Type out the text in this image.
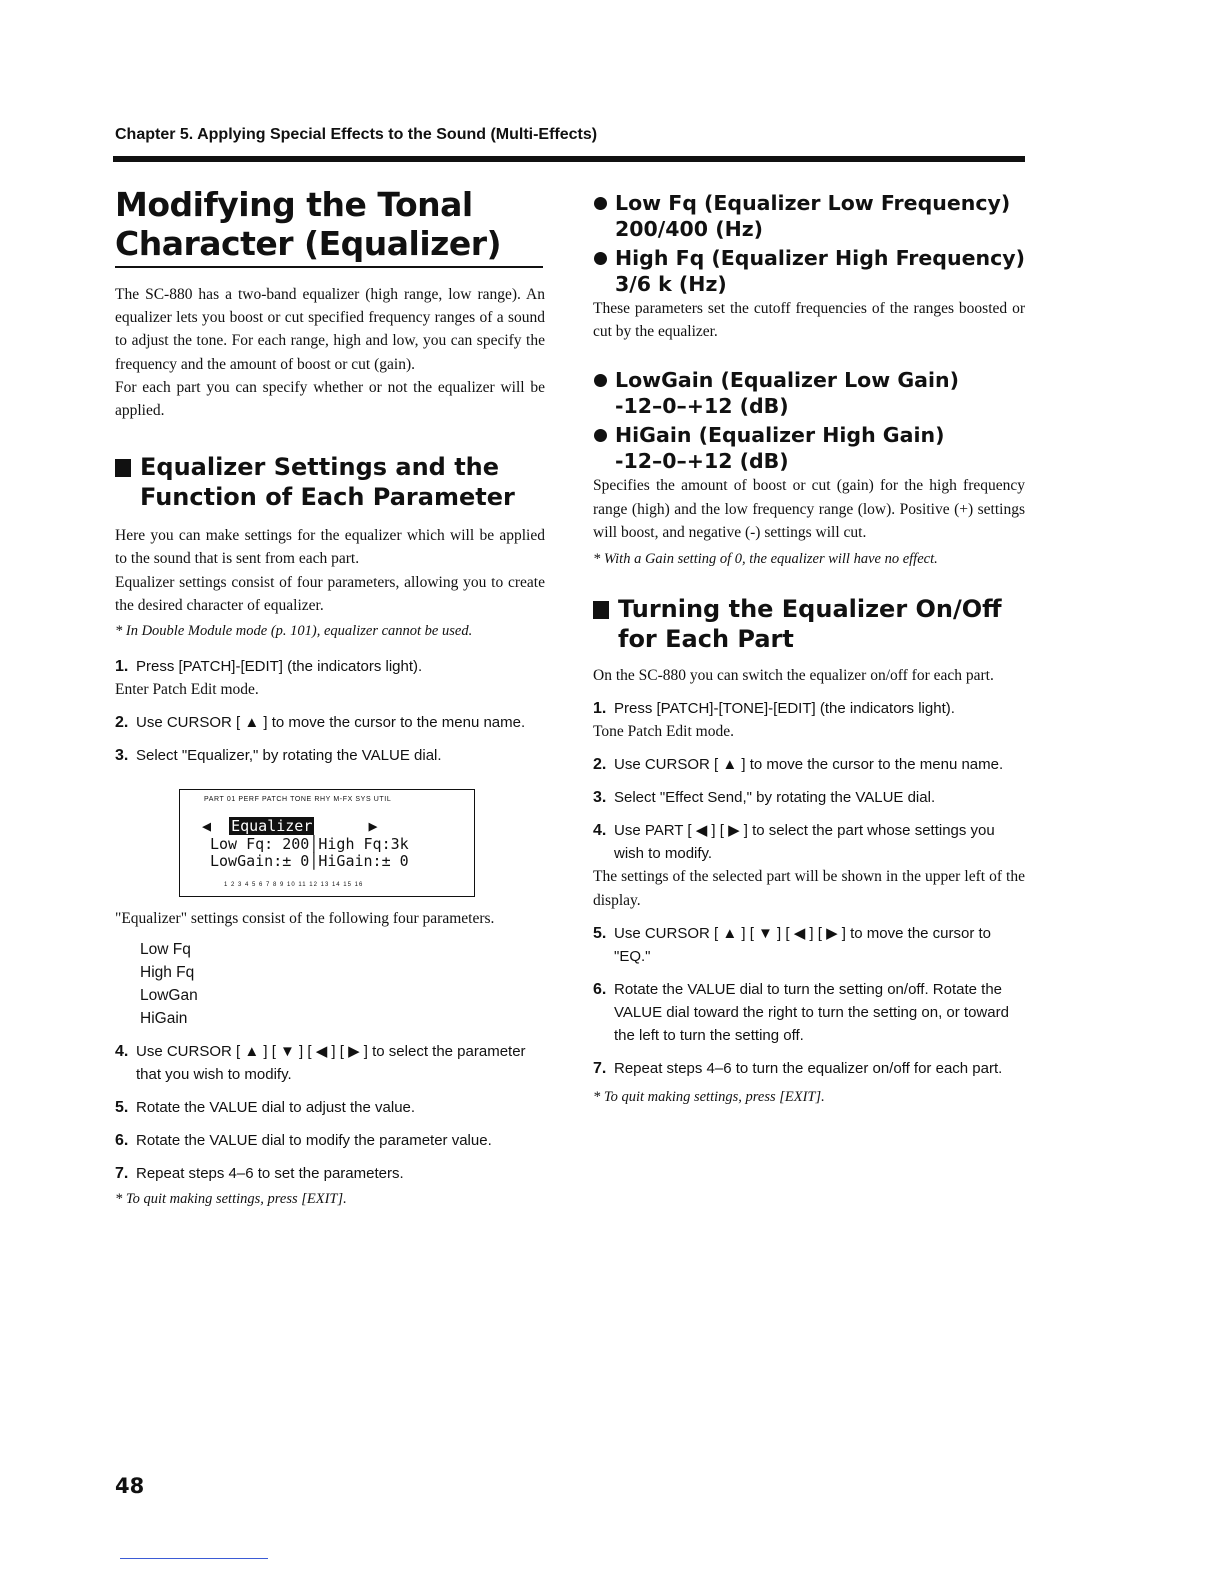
Chapter 5. Applying Special Effects to the Sound (Multi-Effects)
Modifying the Tonal
Character (Equalizer)

The SC-880 has a two-band equalizer (high range, low range). An equalizer lets you boost or cut specified frequency ranges of a sound to adjust the tone. For each range, high and low, you can specify the frequency and the amount of boost or cut (gain).

For each part you can specify whether or not the equalizer will be applied.

Equalizer Settings and the
Function of Each Parameter

Here you can make settings for the equalizer which will be applied to the sound that is sent from each part.

Equalizer settings consist of four parameters, allowing you to create the desired character of equalizer.

* In Double Module mode (p. 101), equalizer cannot be used.

1. Press [PATCH]-[EDIT] (the indicators light).

Enter Patch Edit mode.

2. Use CURSOR [ ▲ ] to move the cursor to the menu name.

3. Select "Equalizer," by rotating the VALUE dial.

PART 01 PERF PATCH TONE RHY M-FX SYS UTIL
◀  Equalizer      ▶
Low Fq: 200│High Fq:3k
LowGain:± 0│HiGain:± 0
1 2 3 4 5 6 7 8 9 10 11 12 13 14 15 16

"Equalizer" settings consist of the following four parameters.

Low Fq
High Fq
LowGan
HiGain

4. Use CURSOR [ ▲ ] [ ▼ ] [ ◀ ] [ ▶ ] to select the parameter that you wish to modify.

5. Rotate the VALUE dial to adjust the value.

6. Rotate the VALUE dial to modify the parameter value.

7. Repeat steps 4–6 to set the parameters.

* To quit making settings, press [EXIT].

Low Fq (Equalizer Low Frequency)
200/400 (Hz)
High Fq (Equalizer High Frequency)
3/6 k (Hz)

These parameters set the cutoff frequencies of the ranges boosted or cut by the equalizer.

LowGain (Equalizer Low Gain)
-12–0–+12 (dB)
HiGain (Equalizer High Gain)
-12–0–+12 (dB)

Specifies the amount of boost or cut (gain) for the high frequency range (high) and the low frequency range (low). Positive (+) settings will boost, and negative (-) settings will cut.

* With a Gain setting of 0, the equalizer will have no effect.

Turning the Equalizer On/Off
for Each Part

On the SC-880 you can switch the equalizer on/off for each part.

1. Press [PATCH]-[TONE]-[EDIT] (the indicators light).

Tone Patch Edit mode.

2. Use CURSOR [ ▲ ] to move the cursor to the menu name.

3. Select "Effect Send," by rotating the VALUE dial.

4. Use PART [ ◀ ] [ ▶ ] to select the part whose settings you wish to modify.

The settings of the selected part will be shown in the upper left of the display.

5. Use CURSOR [ ▲ ] [ ▼ ] [ ◀ ] [ ▶ ] to move the cursor to "EQ."

6. Rotate the VALUE dial to turn the setting on/off. Rotate the VALUE dial toward the right to turn the setting on, or toward the left to turn the setting off.

7. Repeat steps 4–6 to turn the equalizer on/off for each part.

* To quit making settings, press [EXIT].

48
